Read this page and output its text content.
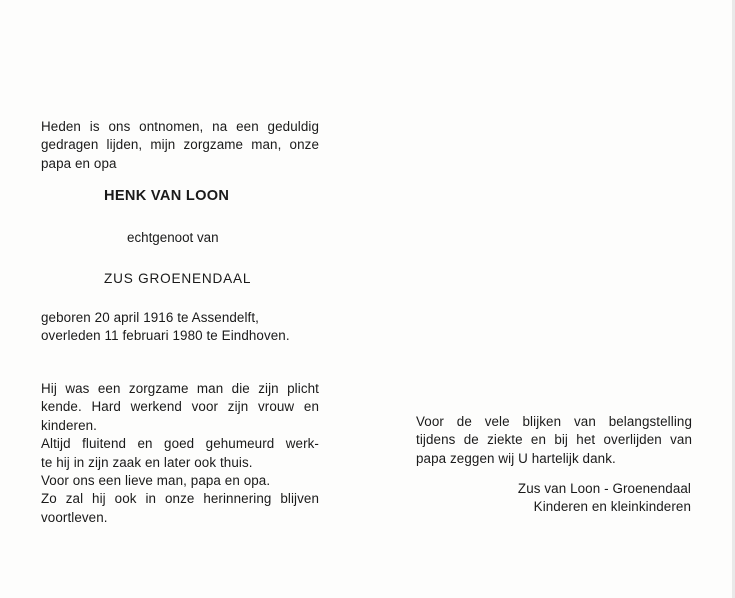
Heden is ons ontnomen, na een geduldig
gedragen lijden, mijn zorgzame man, onze
papa en opa
HENK VAN LOON
echtgenoot van
ZUS GROENENDAAL
geboren 20 april 1916 te Assendelft,
overleden 11 februari 1980 te Eindhoven.
Hij was een zorgzame man die zijn plicht
kende. Hard werkend voor zijn vrouw en
kinderen.
Altijd fluitend en goed gehumeurd werk-
te hij in zijn zaak en later ook thuis.
Voor ons een lieve man, papa en opa.
Zo zal hij ook in onze herinnering blijven
voortleven.
Voor de vele blijken van belangstelling
tijdens de ziekte en bij het overlijden van
papa zeggen wij U hartelijk dank.
Zus van Loon - Groenendaal
Kinderen en kleinkinderen
